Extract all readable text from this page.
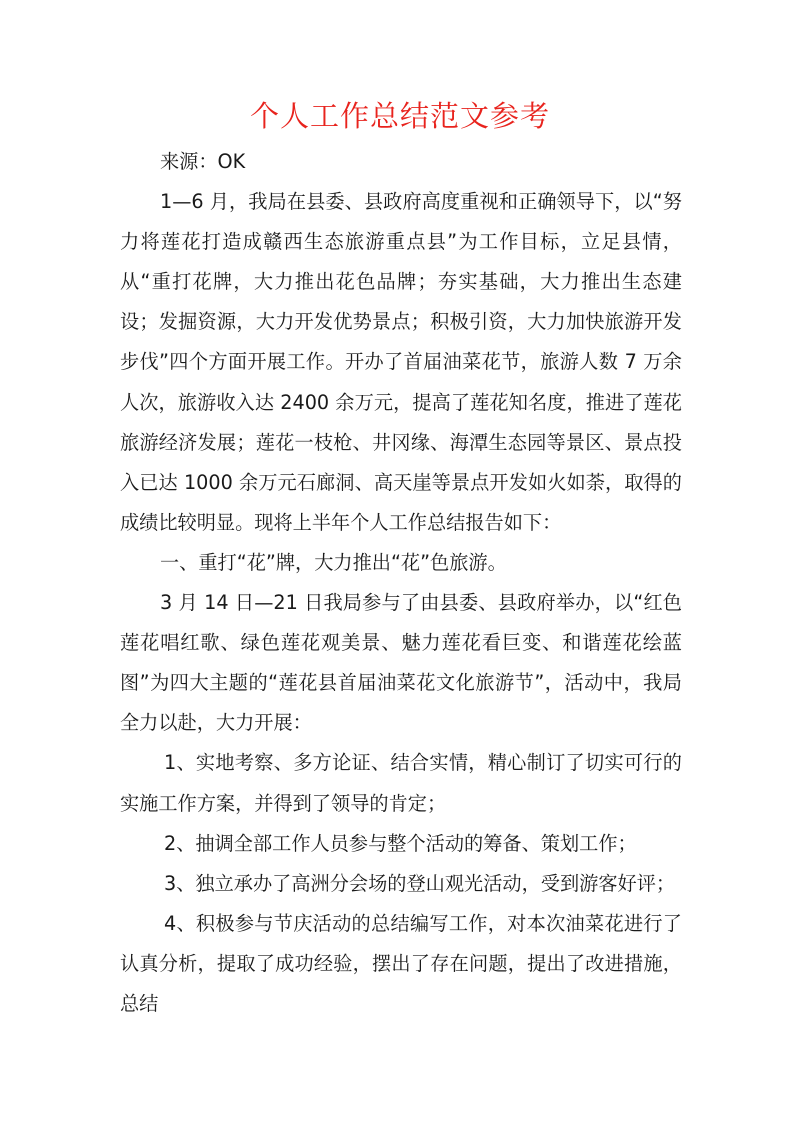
个人工作总结范文参考

来源：OK

1—6 月，我局在县委、县政府高度重视和正确领导下，以“努力将莲花打造成赣西生态旅游重点县”为工作目标，立足县情，从“重打花牌，大力推出花色品牌；夯实基础，大力推出生态建设；发掘资源，大力开发优势景点；积极引资，大力加快旅游开发步伐”四个方面开展工作。开办了首届油菜花节，旅游人数 7 万余人次，旅游收入达 2400 余万元，提高了莲花知名度，推进了莲花旅游经济发展；莲花一枝枪、井冈缘、海潭生态园等景区、景点投入已达 1000 余万元石廊洞、高天崖等景点开发如火如荼，取得的成绩比较明显。现将上半年个人工作总结报告如下：

一、重打“花”牌，大力推出“花”色旅游。

3 月 14 日—21 日我局参与了由县委、县政府举办，以“红色莲花唱红歌、绿色莲花观美景、魅力莲花看巨变、和谐莲花绘蓝图”为四大主题的“莲花县首届油菜花文化旅游节”，活动中，我局全力以赴，大力开展：

1、实地考察、多方论证、结合实情，精心制订了切实可行的实施工作方案，并得到了领导的肯定；

2、抽调全部工作人员参与整个活动的筹备、策划工作；

3、独立承办了高洲分会场的登山观光活动，受到游客好评；

4、积极参与节庆活动的总结编写工作，对本次油菜花进行了认真分析，提取了成功经验，摆出了存在问题，提出了改进措施，总结
